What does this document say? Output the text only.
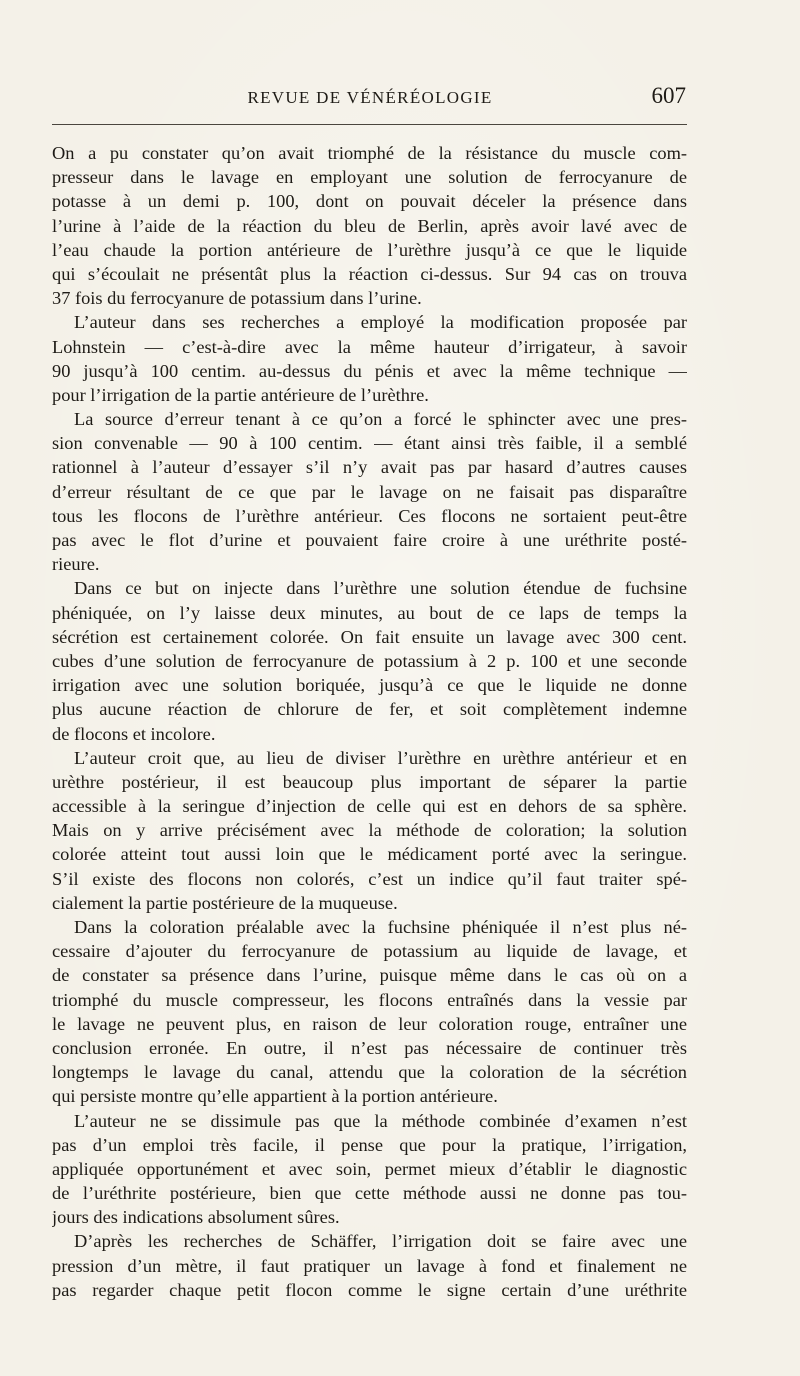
REVUE DE VÉNÉRÉOLOGIE	607
On a pu constater qu’on avait triomphé de la résistance du muscle com-
presseur dans le lavage en employant une solution de ferrocyanure de
potasse à un demi p. 100, dont on pouvait déceler la présence dans
l’urine à l’aide de la réaction du bleu de Berlin, après avoir lavé avec de
l’eau chaude la portion antérieure de l’urèthre jusqu’à ce que le liquide
qui s’écoulait ne présentât plus la réaction ci-dessus. Sur 94 cas on trouva
37 fois du ferrocyanure de potassium dans l’urine.
L’auteur dans ses recherches a employé la modification proposée par
Lohnstein — c’est-à-dire avec la même hauteur d’irrigateur, à savoir
90 jusqu’à 100 centim. au-dessus du pénis et avec la même technique —
pour l’irrigation de la partie antérieure de l’urèthre.
La source d’erreur tenant à ce qu’on a forcé le sphincter avec une pres-
sion convenable — 90 à 100 centim. — étant ainsi très faible, il a semblé
rationnel à l’auteur d’essayer s’il n’y avait pas par hasard d’autres causes
d’erreur résultant de ce que par le lavage on ne faisait pas disparaître
tous les flocons de l’urèthre antérieur. Ces flocons ne sortaient peut-être
pas avec le flot d’urine et pouvaient faire croire à une uréthrite posté-
rieure.
Dans ce but on injecte dans l’urèthre une solution étendue de fuchsine
phéniquée, on l’y laisse deux minutes, au bout de ce laps de temps la
sécrétion est certainement colorée. On fait ensuite un lavage avec 300 cent.
cubes d’une solution de ferrocyanure de potassium à 2 p. 100 et une seconde
irrigation avec une solution boriquée, jusqu’à ce que le liquide ne donne
plus aucune réaction de chlorure de fer, et soit complètement indemne
de flocons et incolore.
L’auteur croit que, au lieu de diviser l’urèthre en urèthre antérieur et en
urèthre postérieur, il est beaucoup plus important de séparer la partie
accessible à la seringue d’injection de celle qui est en dehors de sa sphère.
Mais on y arrive précisément avec la méthode de coloration; la solution
colorée atteint tout aussi loin que le médicament porté avec la seringue.
S’il existe des flocons non colorés, c’est un indice qu’il faut traiter spé-
cialement la partie postérieure de la muqueuse.
Dans la coloration préalable avec la fuchsine phéniquée il n’est plus né-
cessaire d’ajouter du ferrocyanure de potassium au liquide de lavage, et
de constater sa présence dans l’urine, puisque même dans le cas où on a
triomphé du muscle compresseur, les flocons entraînés dans la vessie par
le lavage ne peuvent plus, en raison de leur coloration rouge, entraîner une
conclusion erronée. En outre, il n’est pas nécessaire de continuer très
longtemps le lavage du canal, attendu que la coloration de la sécrétion
qui persiste montre qu’elle appartient à la portion antérieure.
L’auteur ne se dissimule pas que la méthode combinée d’examen n’est
pas d’un emploi très facile, il pense que pour la pratique, l’irrigation,
appliquée opportunément et avec soin, permet mieux d’établir le diagnostic
de l’uréthrite postérieure, bien que cette méthode aussi ne donne pas tou-
jours des indications absolument sûres.
D’après les recherches de Schäffer, l’irrigation doit se faire avec une
pression d’un mètre, il faut pratiquer un lavage à fond et finalement ne
pas regarder chaque petit flocon comme le signe certain d’une uréthrite
